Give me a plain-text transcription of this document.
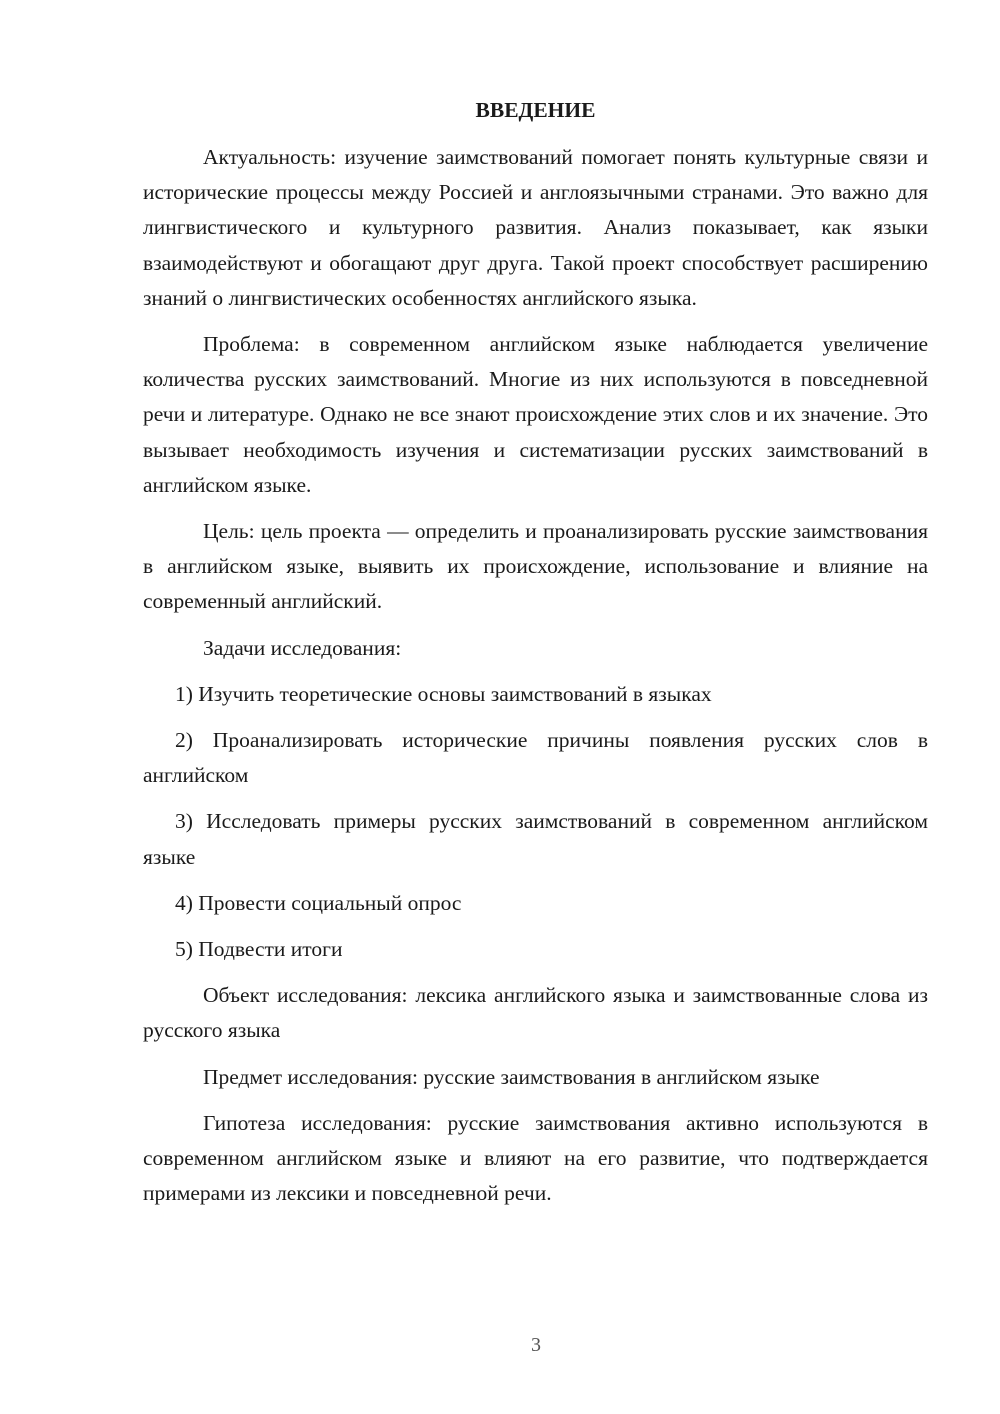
ВВЕДЕНИЕ

Актуальность: изучение заимствований помогает понять культурные связи и исторические процессы между Россией и англоязычными странами. Это важно для лингвистического и культурного развития. Анализ показывает, как языки взаимодействуют и обогащают друг друга. Такой проект способствует расширению знаний о лингвистических особенностях английского языка.

Проблема: в современном английском языке наблюдается увеличение количества русских заимствований. Многие из них используются в повседневной речи и литературе. Однако не все знают происхождение этих слов и их значение. Это вызывает необходимость изучения и систематизации русских заимствований в английском языке.

Цель: цель проекта — определить и проанализировать русские заимствования в английском языке, выявить их происхождение, использование и влияние на современный английский.

Задачи исследования:

1) Изучить теоретические основы заимствований в языках

2) Проанализировать исторические причины появления русских слов в английском

3) Исследовать примеры русских заимствований в современном английском языке

4) Провести социальный опрос

5) Подвести итоги

Объект исследования: лексика английского языка и заимствованные слова из русского языка

Предмет исследования: русские заимствования в английском языке

Гипотеза исследования: русские заимствования активно используются в современном английском языке и влияют на его развитие, что подтверждается примерами из лексики и повседневной речи.

3
